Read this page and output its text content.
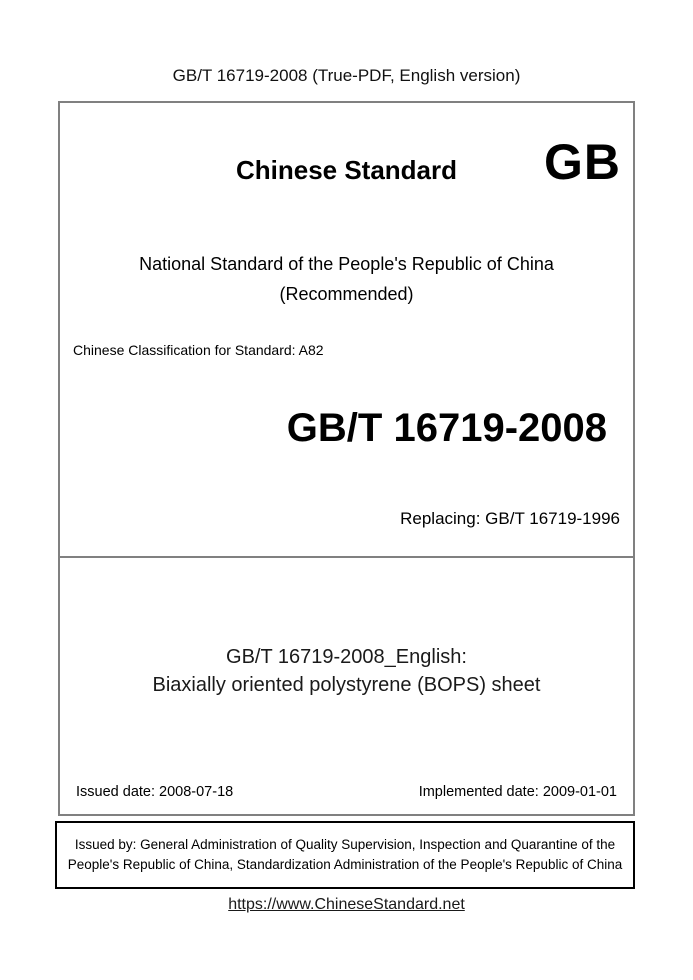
GB/T 16719-2008 (True-PDF, English version)
Chinese Standard	GB
National Standard of the People's Republic of China
(Recommended)
Chinese Classification for Standard: A82
GB/T 16719-2008
Replacing: GB/T 16719-1996
GB/T 16719-2008_English:
Biaxially oriented polystyrene (BOPS) sheet
Issued date: 2008-07-18	Implemented date: 2009-01-01
Issued by: General Administration of Quality Supervision, Inspection and Quarantine of the People's Republic of China, Standardization Administration of the People's Republic of China
https://www.ChineseStandard.net
